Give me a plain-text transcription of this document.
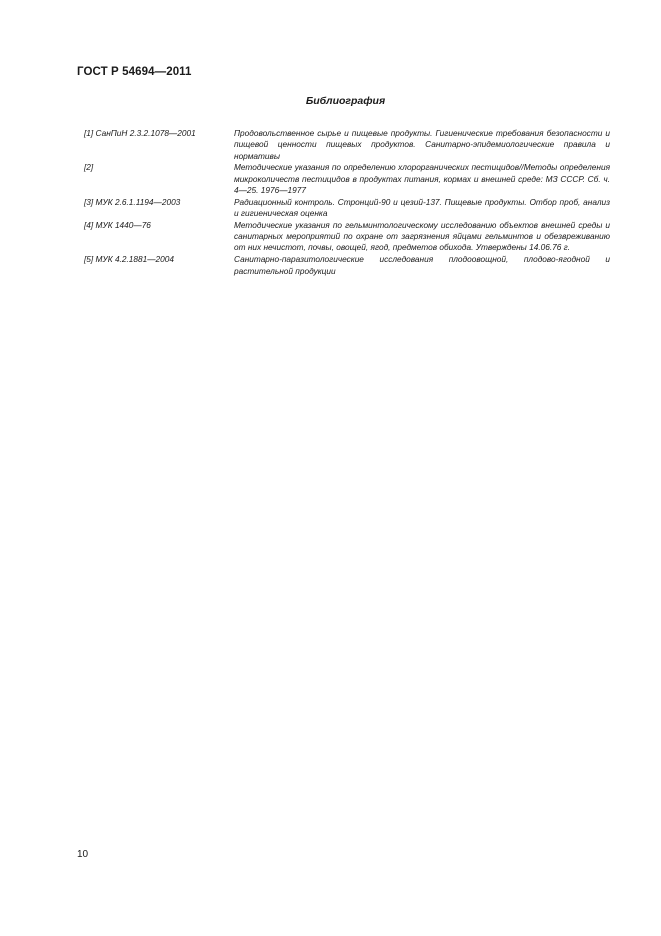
ГОСТ Р 54694—2011
Библиография
[1] СанПиН 2.3.2.1078—2001	Продовольственное сырье и пищевые продукты. Гигиенические требования безопасности и пищевой ценности пищевых продуктов. Санитарно-эпидемиологические правила и нормативы
[2]	Методические указания по определению хлорорганических пестицидов//Методы определения микроколичеств пестицидов в продуктах питания, кормах и внешней среде: МЗ СССР. Сб. ч. 4—25. 1976—1977
[3] МУК 2.6.1.1194—2003	Радиационный контроль. Стронций-90 и цезий-137. Пищевые продукты. Отбор проб, анализ и гигиеническая оценка
[4] МУК 1440—76	Методические указания по гельминтологическому исследованию объектов внешней среды и санитарных мероприятий по охране от загрязнения яйцами гельминтов и обезвреживанию от них нечистот, почвы, овощей, ягод, предметов обихода. Утверждены 14.06.76 г.
[5] МУК 4.2.1881—2004	Санитарно-паразитологические исследования плодоовощной, плодово-ягодной и растительной продукции
10
